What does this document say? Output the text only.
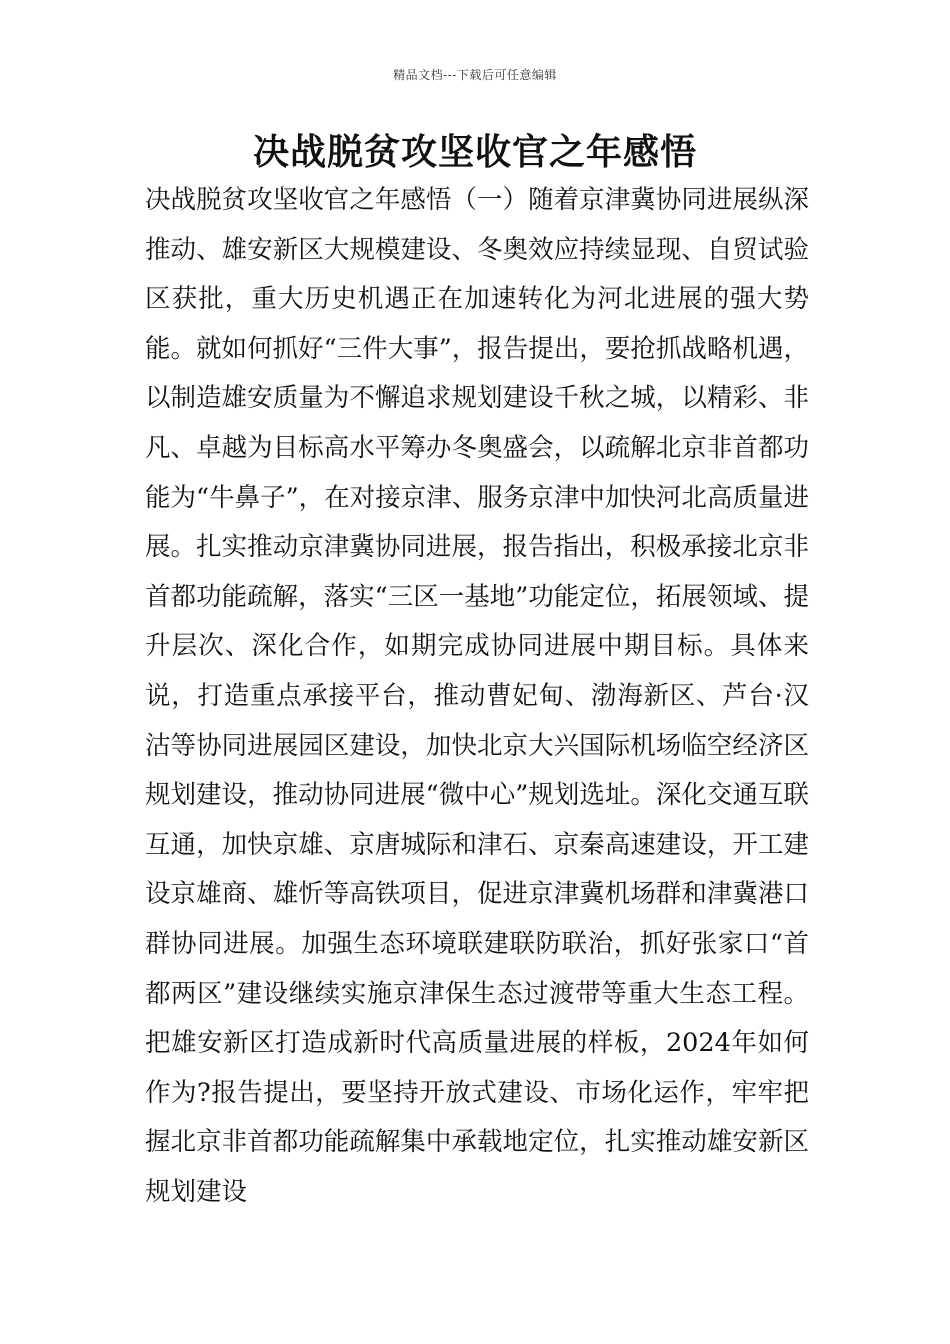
精品文档---下载后可任意编辑
决战脱贫攻坚收官之年感悟

决战脱贫攻坚收官之年感悟（一）随着京津冀协同进展纵深推动、雄安新区大规模建设、冬奥效应持续显现、自贸试验区获批，重大历史机遇正在加速转化为河北进展的强大势能。就如何抓好“三件大事”，报告提出，要抢抓战略机遇，以制造雄安质量为不懈追求规划建设千秋之城，以精彩、非凡、卓越为目标高水平筹办冬奥盛会，以疏解北京非首都功能为“牛鼻子”，在对接京津、服务京津中加快河北高质量进展。扎实推动京津冀协同进展，报告指出，积极承接北京非首都功能疏解，落实“三区一基地”功能定位，拓展领域、提升层次、深化合作，如期完成协同进展中期目标。具体来说，打造重点承接平台，推动曹妃甸、渤海新区、芦台·汉沽等协同进展园区建设，加快北京大兴国际机场临空经济区规划建设，推动协同进展“微中心”规划选址。深化交通互联互通，加快京雄、京唐城际和津石、京秦高速建设，开工建设京雄商、雄忻等高铁项目，促进京津冀机场群和津冀港口群协同进展。加强生态环境联建联防联治，抓好张家口“首都两区”建设继续实施京津保生态过渡带等重大生态工程。把雄安新区打造成新时代高质量进展的样板，2024年如何作为?报告提出，要坚持开放式建设、市场化运作，牢牢把握北京非首都功能疏解集中承载地定位，扎实推动雄安新区规划建设
